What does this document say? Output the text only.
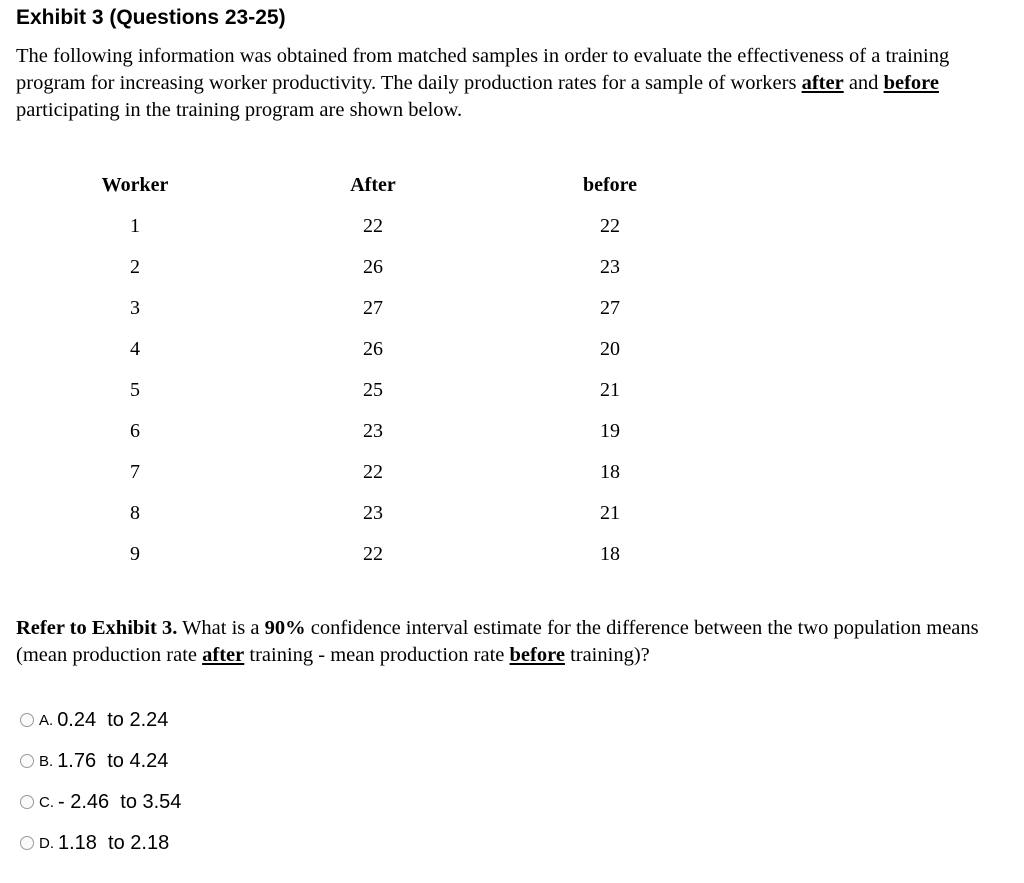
Exhibit 3 (Questions 23-25)
The following information was obtained from matched samples in order to evaluate the effectiveness of a training program for increasing worker productivity. The daily production rates for a sample of workers after and before participating in the training program are shown below.
Worker	After	before
1	22	22
2	26	23
3	27	27
4	26	20
5	25	21
6	23	19
7	22	18
8	23	21
9	22	18
Refer to Exhibit 3. What is a 90% confidence interval estimate for the difference between the two population means (mean production rate after training - mean production rate before training)?
A. 0.24  to 2.24
B. 1.76  to 4.24
C. - 2.46  to 3.54
D. 1.18  to 2.18
